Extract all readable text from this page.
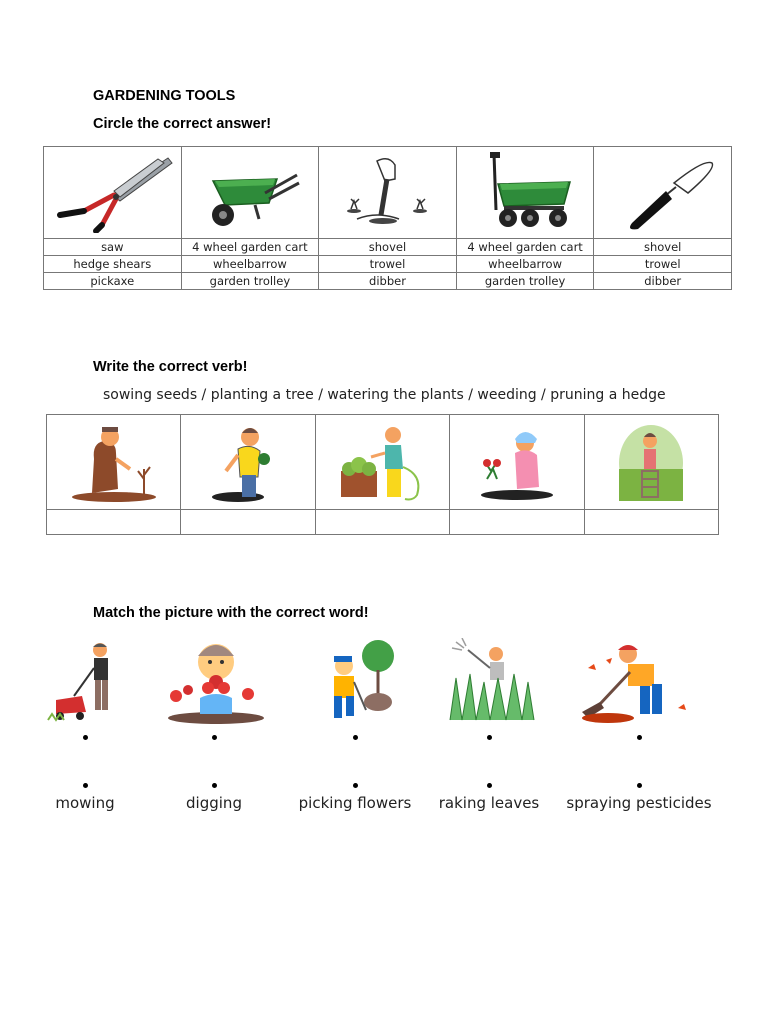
GARDENING TOOLS
Circle the correct answer!

saw	4 wheel garden cart	shovel	4 wheel garden cart	shovel
hedge shears	wheelbarrow	trowel	wheelbarrow	trowel
pickaxe	garden trolley	dibber	garden trolley	dibber
Write the correct verb!
sowing seeds / planting a tree / watering the plants / weeding / pruning a hedge

Match the picture with the correct word!
mowing	digging	picking flowers raking leaves spraying pesticides
